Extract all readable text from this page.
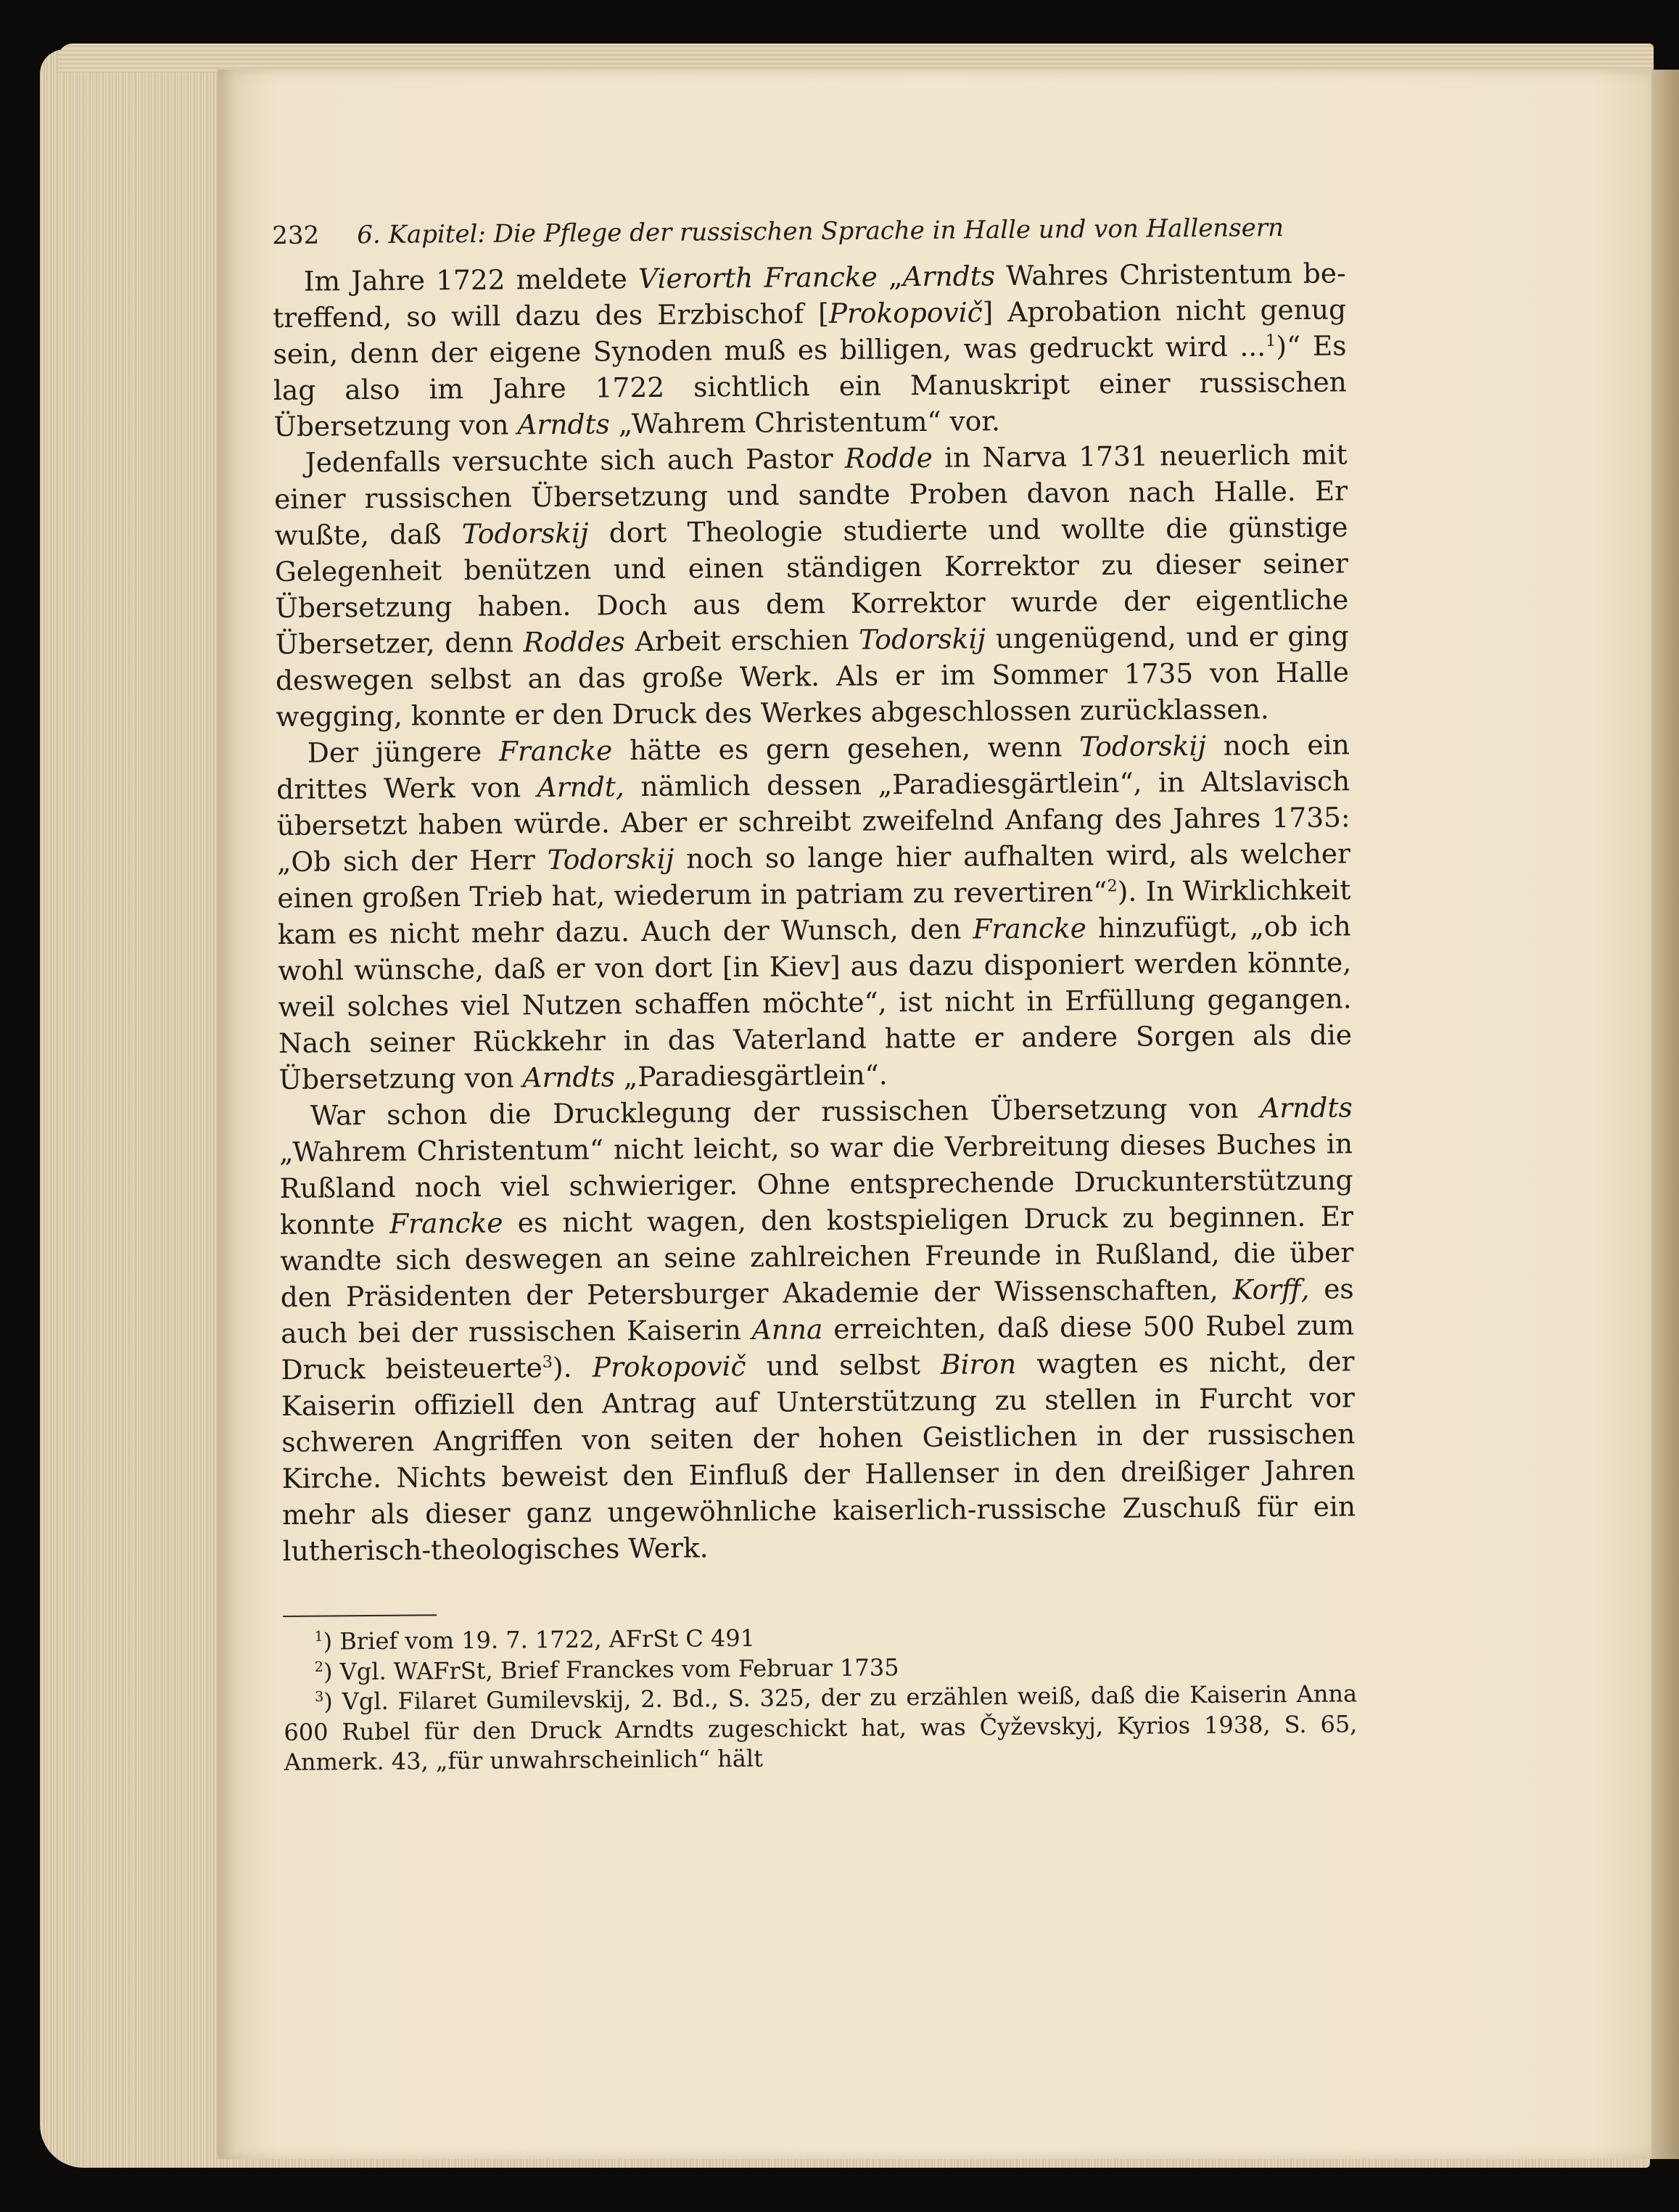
232 6. Kapitel: Die Pflege der russischen Sprache in Halle und von Hallensern

Im Jahre 1722 meldete Vierorth Francke „Arndts Wahres Christentum betreffend, so will dazu des Erzbischof [Prokopovič] Aprobation nicht genug sein, denn der eigene Synoden muß es billigen, was gedruckt wird ...$^1$)“ Es lag also im Jahre 1722 sichtlich ein Manuskript einer russischen Übersetzung von Arndts „Wahrem Christentum“ vor.

Jedenfalls versuchte sich auch Pastor Rodde in Narva 1731 neuerlich mit einer russischen Übersetzung und sandte Proben davon nach Halle. Er wußte, daß Todorskij dort Theologie studierte und wollte die günstige Gelegenheit benützen und einen ständigen Korrektor zu dieser seiner Übersetzung haben. Doch aus dem Korrektor wurde der eigentliche Übersetzer, denn Roddes Arbeit erschien Todorskij ungenügend, und er ging deswegen selbst an das große Werk. Als er im Sommer 1735 von Halle wegging, konnte er den Druck des Werkes abgeschlossen zurücklassen.

Der jüngere Francke hätte es gern gesehen, wenn Todorskij noch ein drittes Werk von Arndt, nämlich dessen „Paradiesgärtlein“, in Altslavisch übersetzt haben würde. Aber er schreibt zweifelnd Anfang des Jahres 1735: „Ob sich der Herr Todorskij noch so lange hier aufhalten wird, als welcher einen großen Trieb hat, wiederum in patriam zu revertiren“$^2$). In Wirklichkeit kam es nicht mehr dazu. Auch der Wunsch, den Francke hinzufügt, „ob ich wohl wünsche, daß er von dort [in Kiev] aus dazu disponiert werden könnte, weil solches viel Nutzen schaffen möchte“, ist nicht in Erfüllung gegangen. Nach seiner Rückkehr in das Vaterland hatte er andere Sorgen als die Übersetzung von Arndts „Paradiesgärtlein“.

War schon die Drucklegung der russischen Übersetzung von Arndts „Wahrem Christentum“ nicht leicht, so war die Verbreitung dieses Buches in Rußland noch viel schwieriger. Ohne entsprechende Druckunterstützung konnte Francke es nicht wagen, den kostspieligen Druck zu beginnen. Er wandte sich deswegen an seine zahlreichen Freunde in Rußland, die über den Präsidenten der Petersburger Akademie der Wissenschaften, Korff, es auch bei der russischen Kaiserin Anna erreichten, daß diese 500 Rubel zum Druck beisteuerte$^3$). Prokopovič und selbst Biron wagten es nicht, der Kaiserin offiziell den Antrag auf Unterstützung zu stellen in Furcht vor schweren Angriffen von seiten der hohen Geistlichen in der russischen Kirche. Nichts beweist den Einfluß der Hallenser in den dreißiger Jahren mehr als dieser ganz ungewöhnliche kaiserlich-russische Zuschuß für ein lutherisch-theologisches Werk.

$^1$) Brief vom 19. 7. 1722, AFrSt C 491

$^2$) Vgl. WAFrSt, Brief Franckes vom Februar 1735

$^3$) Vgl. Filaret Gumilevskij, 2. Bd., S. 325, der zu erzählen weiß, daß die Kaiserin Anna 600 Rubel für den Druck Arndts zugeschickt hat, was Čyževskyj, Kyrios 1938, S. 65, Anmerk. 43, „für unwahrscheinlich“ hält
